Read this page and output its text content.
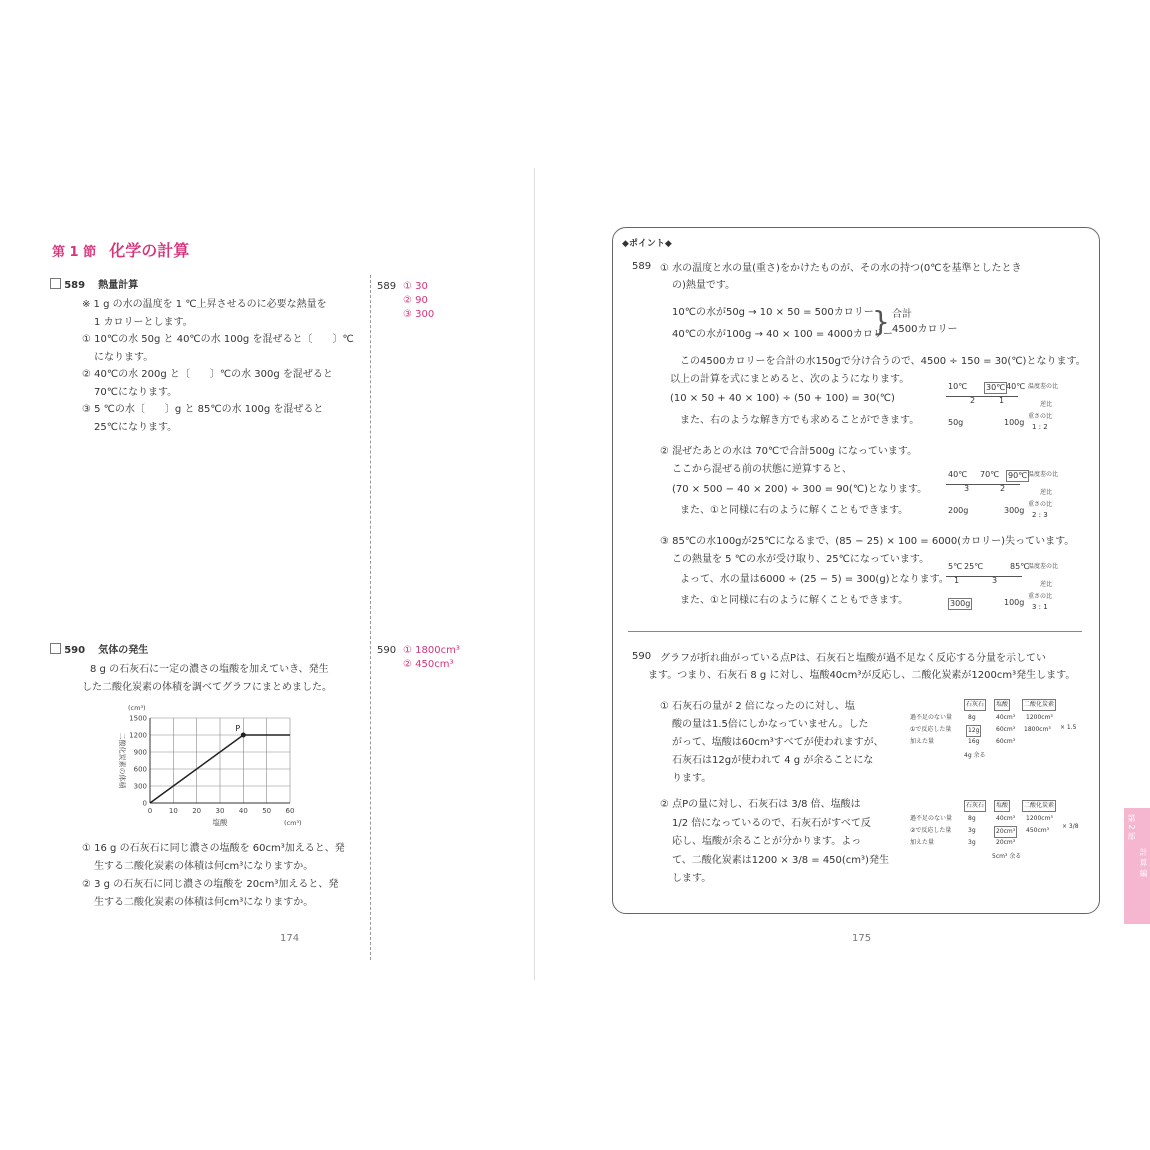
第 1 節 化学の計算
589 熱量計算
※ 1 g の水の温度を 1 ℃上昇させるのに必要な熱量を
1 カロリーとします。
① 10℃の水 50g と 40℃の水 100g を混ぜると〔　　〕℃
になります。
② 40℃の水 200g と〔　　〕℃の水 300g を混ぜると
70℃になります。
③ 5 ℃の水〔　　〕g と 85℃の水 100g を混ぜると
25℃になります。
589 ① 30
② 90
③ 300
590 気体の発生
8 g の石灰石に一定の濃さの塩酸を加えていき、発生
した二酸化炭素の体積を調べてグラフにまとめました。
590 ① 1800cm³
② 450cm³
0 10 20 30 40 50 60
0
300
600
900
1200
1500
(cm³)
(cm³)
塩酸
二酸化炭素の体積
P
① 16 g の石灰石に同じ濃さの塩酸を 60cm³加えると、発
生する二酸化炭素の体積は何cm³になりますか。
② 3 g の石灰石に同じ濃さの塩酸を 20cm³加えると、発
生する二酸化炭素の体積は何cm³になりますか。
174
◆ポイント◆
589 ① 水の温度と水の量(重さ)をかけたものが、その水の持つ(0℃を基準としたとき
の)熱量です。
10℃の水が50g → 10 × 50 = 500カロリー
40℃の水が100g → 40 × 100 = 4000カロリー
} 合計
4500カロリー
この4500カロリーを合計の水150gで分け合うので、4500 ÷ 150 = 30(℃)となります。
以上の計算を式にまとめると、次のようになります。
(10 × 50 + 40 × 100) ÷ (50 + 100) = 30(℃)
また、右のような解き方でも求めることができます。
10℃ 30℃ 40℃
2	1
50g	100g
温度差の比
逆比
重さの比
1 : 2
② 混ぜたあとの水は 70℃で合計500g になっています。
ここから混ぜる前の状態に逆算すると、
(70 × 500 − 40 × 200) ÷ 300 = 90(℃)となります。
また、①と同様に右のように解くこともできます。
40℃ 70℃ 90℃
3	2
200g	300g
温度差の比
逆比
重さの比
2 : 3
③ 85℃の水100gが25℃になるまで、(85 − 25) × 100 = 6000(カロリー)失っています。
この熱量を 5 ℃の水が受け取り、25℃になっています。
よって、水の量は6000 ÷ (25 − 5) = 300(g)となります。
また、①と同様に右のように解くこともできます。
5℃ 25℃	85℃
1	3
300g	100g
温度差の比
逆比
重さの比
3 : 1
590 グラフが折れ曲がっている点Pは、石灰石と塩酸が過不足なく反応する分量を示してい
ます。つまり、石灰石 8 g に対し、塩酸40cm³が反応し、二酸化炭素が1200cm³発生します。
① 石灰石の量が 2 倍になったのに対し、塩
酸の量は1.5倍にしかなっていません。した
がって、塩酸は60cm³すべてが使われますが、
石灰石は12gが使われて 4 g が余ることにな
ります。
② 点Pの量に対し、石灰石は 3/8 倍、塩酸は
1/2 倍になっているので、石灰石がすべて反
応し、塩酸が余ることが分かります。よっ
て、二酸化炭素は1200 × 3/8 = 450(cm³)発生
します。
石灰石	塩酸	二酸化炭素
過不足のない量	8g	40cm³ 1200cm³
①で反応した量	12g	60cm³ 1800cm³
加えた量	16g	60cm³
× 1.5
4g 余る
石灰石	塩酸	二酸化炭素
過不足のない量	8g	40cm³ 1200cm³
②で反応した量	3g	20cm³	450cm³
加えた量	3g	20cm³
× 3/8
5cm³ 余る
175
第 2 部
計 算 編
